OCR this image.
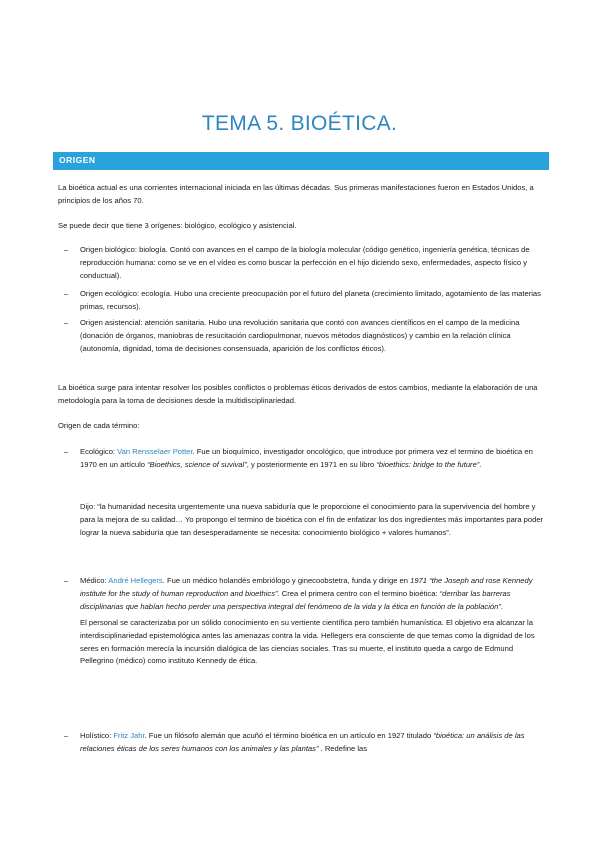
TEMA 5. BIOÉTICA.
ORIGEN
La bioética actual es una corrientes internacional iniciada en las últimas décadas. Sus primeras manifestaciones fueron en Estados Unidos, a principios de los años 70.
Se puede decir que tiene 3 orígenes: biológico, ecológico y asistencial.
– Origen biológico: biología. Contó con avances en el campo de la biología molecular (código genético, ingeniería genética, técnicas de reproducción humana: como se ve en el vídeo es como buscar la perfección en el hijo diciendo sexo, enfermedades, aspecto físico y conductual).
– Origen ecológico: ecología. Hubo una creciente preocupación por el futuro del planeta (crecimiento limitado, agotamiento de las materias primas, recursos).
– Origen asistencial: atención sanitaria. Hubo una revolución sanitaria que contó con avances científicos en el campo de la medicina (donación de órganos, maniobras de resucitación cardiopulmonar, nuevos métodos diagnósticos) y cambio en la relación clínica (autonomía, dignidad, toma de decisiones consensuada, aparición de los conflictos éticos).
La bioética surge para intentar resolver los posibles conflictos o problemas éticos derivados de estos cambios, mediante la elaboración de una metodología para la toma de decisiones desde la multidisciplinariedad.
Origen de cada término:
– Ecológico: Van Rensselaer Potter. Fue un bioquímico, investigador oncológico, que introduce por primera vez el termino de bioética en 1970 en un artículo “Bioethics, science of suvival”, y posteriormente en 1971 en su libro “bioethics: bridge to the future”.
Dijo: “la humanidad necesita urgentemente una nueva sabiduría que le proporcione el conocimiento para la supervivencia del hombre y para la mejora de su calidad… Yo propongo el termino de bioética con el fin de enfatizar los dos ingredientes más importantes para poder lograr la nueva sabiduría que tan desesperadamente se necesita: conocimiento biológico + valores humanos”.
– Médico: André Hellegers. Fue un médico holandés embriólogo y ginecoobstetra, funda y dirige en 1971 “the Joseph and rose Kennedy institute for the study of human reproduction and bioethics”. Crea el primera centro con el termino bioética: “derribar las barreras disciplinarias que habían hecho perder una perspectiva integral del fenómeno de la vida y la ética en función de la población”.
El personal se caracterizaba por un sólido conocimiento en su vertiente científica pero también humanística. El objetivo era alcanzar la interdisciplinariedad epistemológica antes las amenazas contra la vida. Hellegers era consciente de que temas como la dignidad de los seres en formación merecía la incursión dialógica de las ciencias sociales. Tras su muerte, el instituto queda a cargo de Edmund Pellegrino (médico) como instituto Kennedy de ética.
– Holístico: Fritz Jahr. Fue un filósofo alemán que acuñó el término bioética en un artículo en 1927 titulado “bioética: un análisis de las relaciones éticas de los seres humanos con los animales y las plantas” . Redefine las
